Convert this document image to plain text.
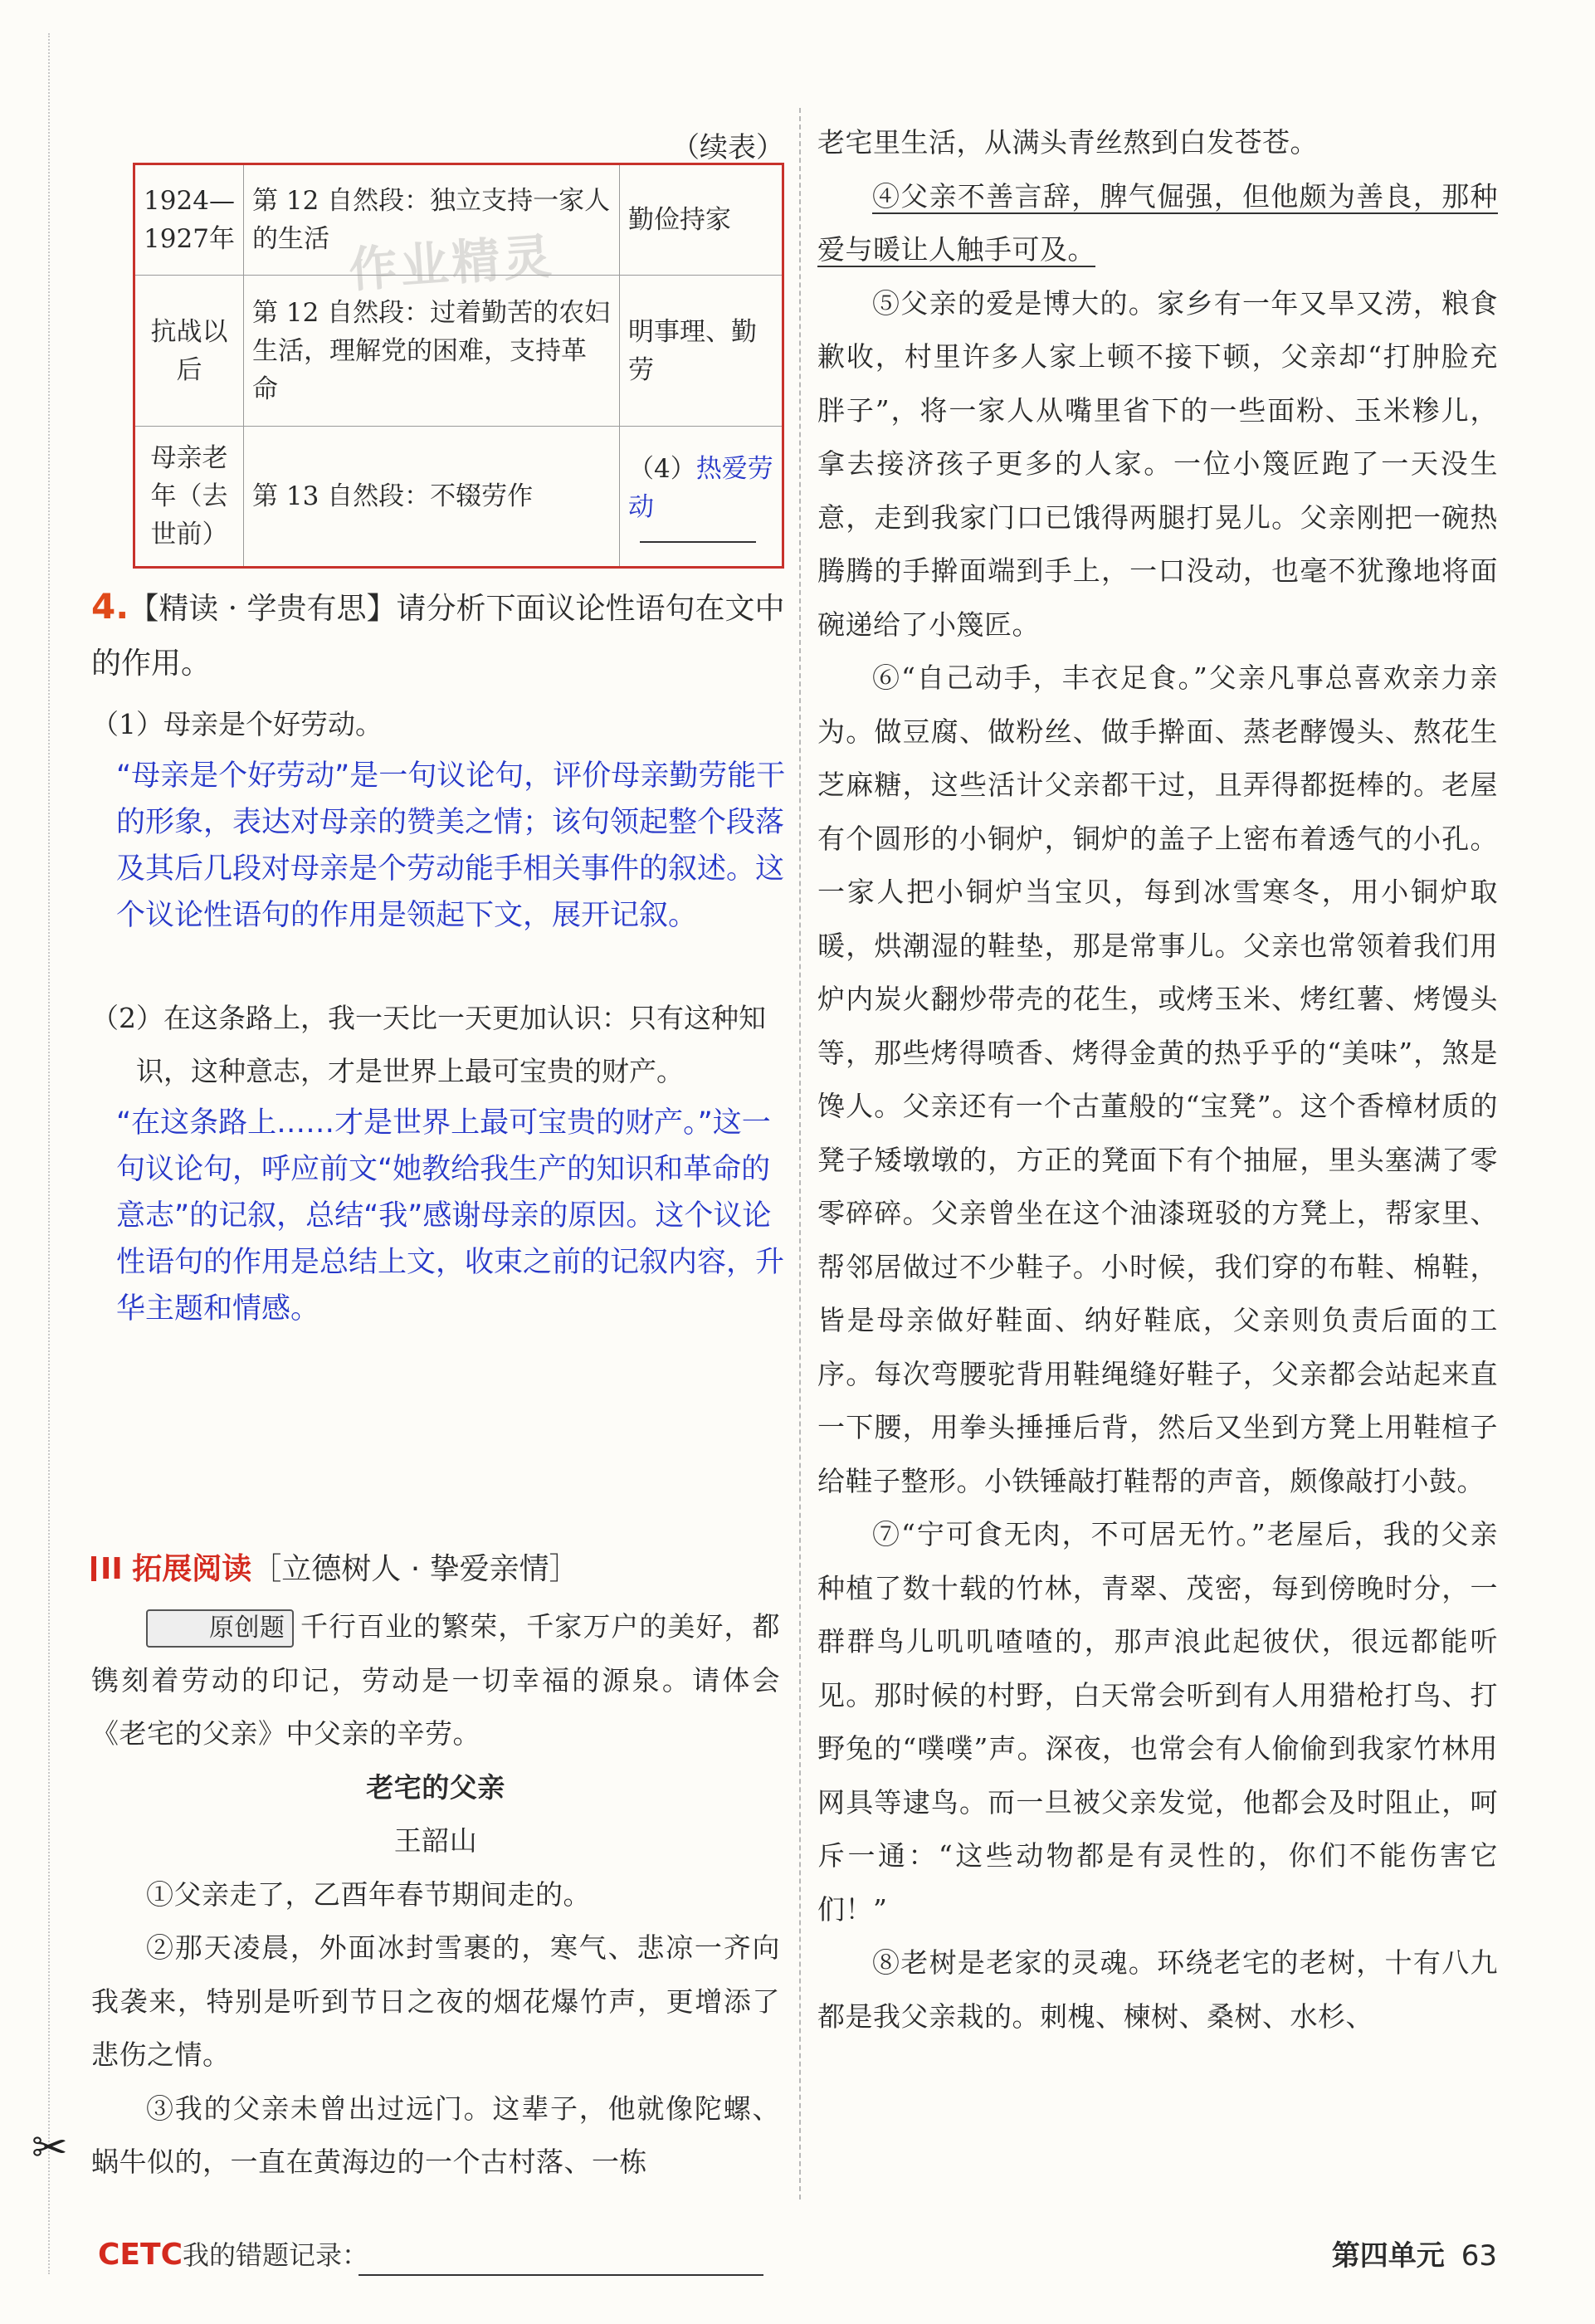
（续表）
1924—1927年	第 12 自然段：独立支持一家人的生活	勤俭持家
抗战以后	第 12 自然段：过着勤苦的农妇生活，理解党的困难，支持革命	明事理、勤劳
母亲老年（去世前）	第 13 自然段：不辍劳作	（4）热爱劳动
4.【精读 · 学贵有思】请分析下面议论性语句在文中的作用。
（1）母亲是个好劳动。
“母亲是个好劳动”是一句议论句，评价母亲勤劳能干的形象，表达对母亲的赞美之情；该句领起整个段落及其后几段对母亲是个劳动能手相关事件的叙述。这个议论性语句的作用是领起下文，展开记叙。
（2）在这条路上，我一天比一天更加认识：只有这种知识，这种意志，才是世界上最可宝贵的财产。
“在这条路上……才是世界上最可宝贵的财产。”这一句议论句，呼应前文“她教给我生产的知识和革命的意志”的记叙，总结“我”感谢母亲的原因。这个议论性语句的作用是总结上文，收束之前的记叙内容，升华主题和情感。
II 拓展阅读［立德树人 · 挚爱亲情］
原创题 千行百业的繁荣，千家万户的美好，都镌刻着劳动的印记，劳动是一切幸福的源泉。请体会《老宅的父亲》中父亲的辛劳。
老宅的父亲
王韶山
①父亲走了，乙酉年春节期间走的。
②那天凌晨，外面冰封雪裹的，寒气、悲凉一齐向我袭来，特别是听到节日之夜的烟花爆竹声，更增添了悲伤之情。
③我的父亲未曾出过远门。这辈子，他就像陀螺、蜗牛似的，一直在黄海边的一个古村落、一栋
老宅里生活，从满头青丝熬到白发苍苍。
④父亲不善言辞，脾气倔强，但他颇为善良，那种爱与暖让人触手可及。
⑤父亲的爱是博大的。家乡有一年又旱又涝，粮食歉收，村里许多人家上顿不接下顿，父亲却“打肿脸充胖子”，将一家人从嘴里省下的一些面粉、玉米糁儿，拿去接济孩子更多的人家。一位小篾匠跑了一天没生意，走到我家门口已饿得两腿打晃儿。父亲刚把一碗热腾腾的手擀面端到手上，一口没动，也毫不犹豫地将面碗递给了小篾匠。
⑥“自己动手，丰衣足食。”父亲凡事总喜欢亲力亲为。做豆腐、做粉丝、做手擀面、蒸老酵馒头、熬花生芝麻糖，这些活计父亲都干过，且弄得都挺棒的。老屋有个圆形的小铜炉，铜炉的盖子上密布着透气的小孔。一家人把小铜炉当宝贝，每到冰雪寒冬，用小铜炉取暖，烘潮湿的鞋垫，那是常事儿。父亲也常领着我们用炉内炭火翻炒带壳的花生，或烤玉米、烤红薯、烤馒头等，那些烤得喷香、烤得金黄的热乎乎的“美味”，煞是馋人。父亲还有一个古董般的“宝凳”。这个香樟材质的凳子矮墩墩的，方正的凳面下有个抽屉，里头塞满了零零碎碎。父亲曾坐在这个油漆斑驳的方凳上，帮家里、帮邻居做过不少鞋子。小时候，我们穿的布鞋、棉鞋，皆是母亲做好鞋面、纳好鞋底，父亲则负责后面的工序。每次弯腰驼背用鞋绳缝好鞋子，父亲都会站起来直一下腰，用拳头捶捶后背，然后又坐到方凳上用鞋楦子给鞋子整形。小铁锤敲打鞋帮的声音，颇像敲打小鼓。
⑦“宁可食无肉，不可居无竹。”老屋后，我的父亲种植了数十载的竹林，青翠、茂密，每到傍晚时分，一群群鸟儿叽叽喳喳的，那声浪此起彼伏，很远都能听见。那时候的村野，白天常会听到有人用猎枪打鸟、打野兔的“噗噗”声。深夜，也常会有人偷偷到我家竹林用网具等逮鸟。而一旦被父亲发觉，他都会及时阻止，呵斥一通：“这些动物都是有灵性的，你们不能伤害它们！”
⑧老树是老家的灵魂。环绕老宅的老树，十有八九都是我父亲栽的。刺槐、楝树、桑树、水杉、
作业精灵
✂
CETC我的错题记录：	第四单元 63
